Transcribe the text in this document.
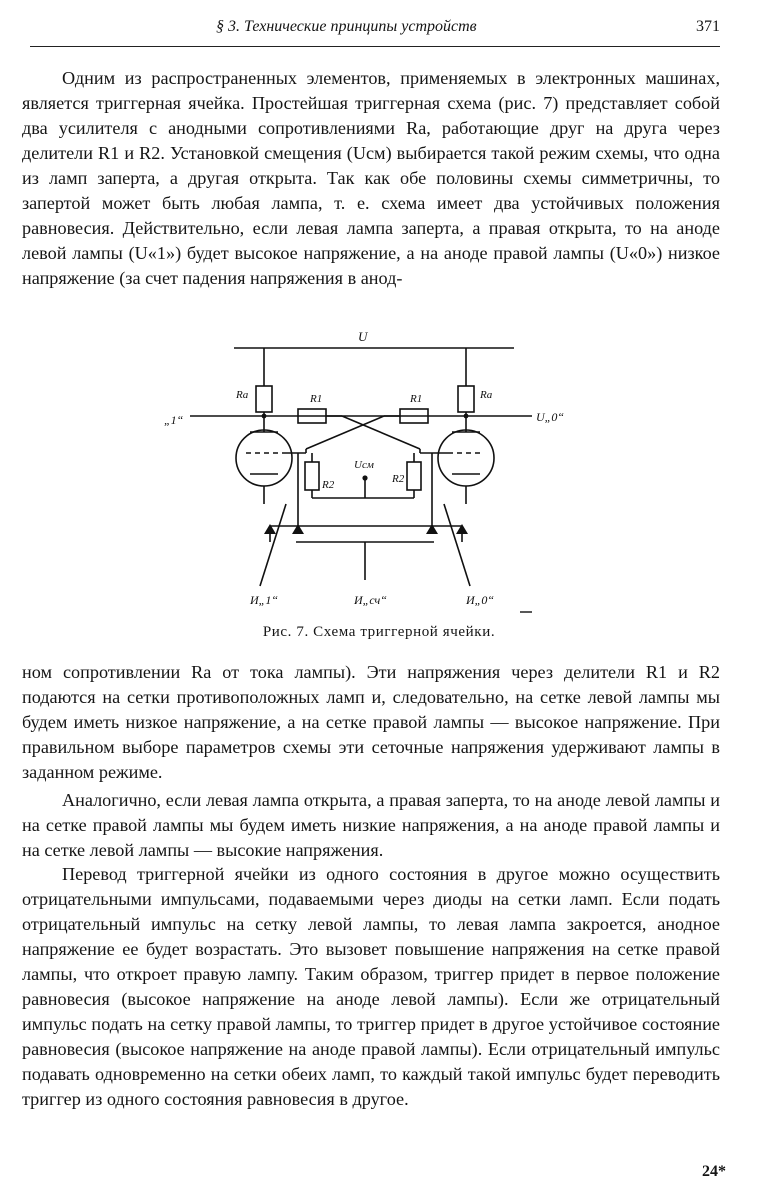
§ 3. Технические принципы устройств	371

Одним из распространенных элементов, применяемых в электронных машинах, является триггерная ячейка. Простейшая триггерная схема (рис. 7) представляет собой два усилителя с анодными сопротивлениями Rа, работающие друг на друга через делители R1 и R2. Установкой смещения (Uсм) выбирается такой режим схемы, что одна из ламп заперта, а другая открыта. Так как обе половины схемы симметричны, то запертой может быть любая лампа, т. е. схема имеет два устойчивых положения равновесия. Действительно, если левая лампа заперта, а правая открыта, то на аноде левой лампы (U«1») будет высокое напряжение, а на аноде правой лампы (U«0») низкое напряжение (за счет падения напряжения в анод-

U
Rа	Rа
R1	R1
R2	R2
Uсм
„1“	U„0“
И„1“	И„сч“	И„0“
Рис. 7. Схема триггерной ячейки.

ном сопротивлении Rа от тока лампы). Эти напряжения через делители R1 и R2 подаются на сетки противоположных ламп и, следовательно, на сетке левой лампы мы будем иметь низкое напряжение, а на сетке правой лампы — высокое напряжение. При правильном выборе параметров схемы эти сеточные напряжения удерживают лампы в заданном режиме.

Аналогично, если левая лампа открыта, а правая заперта, то на аноде левой лампы и на сетке правой лампы мы будем иметь низкие напряжения, а на аноде правой лампы и на сетке левой лампы — высокие напряжения.

Перевод триггерной ячейки из одного состояния в другое можно осуществить отрицательными импульсами, подаваемыми через диоды на сетки ламп. Если подать отрицательный импульс на сетку левой лампы, то левая лампа закроется, анодное напряжение ее будет возрастать. Это вызовет повышение напряжения на сетке правой лампы, что откроет правую лампу. Таким образом, триггер придет в первое положение равновесия (высокое напряжение на аноде левой лампы). Если же отрицательный импульс подать на сетку правой лампы, то триггер придет в другое устойчивое состояние равновесия (высокое напряжение на аноде правой лампы). Если отрицательный импульс подавать одновременно на сетки обеих ламп, то каждый такой импульс будет переводить триггер из одного состояния равновесия в другое.

24*
